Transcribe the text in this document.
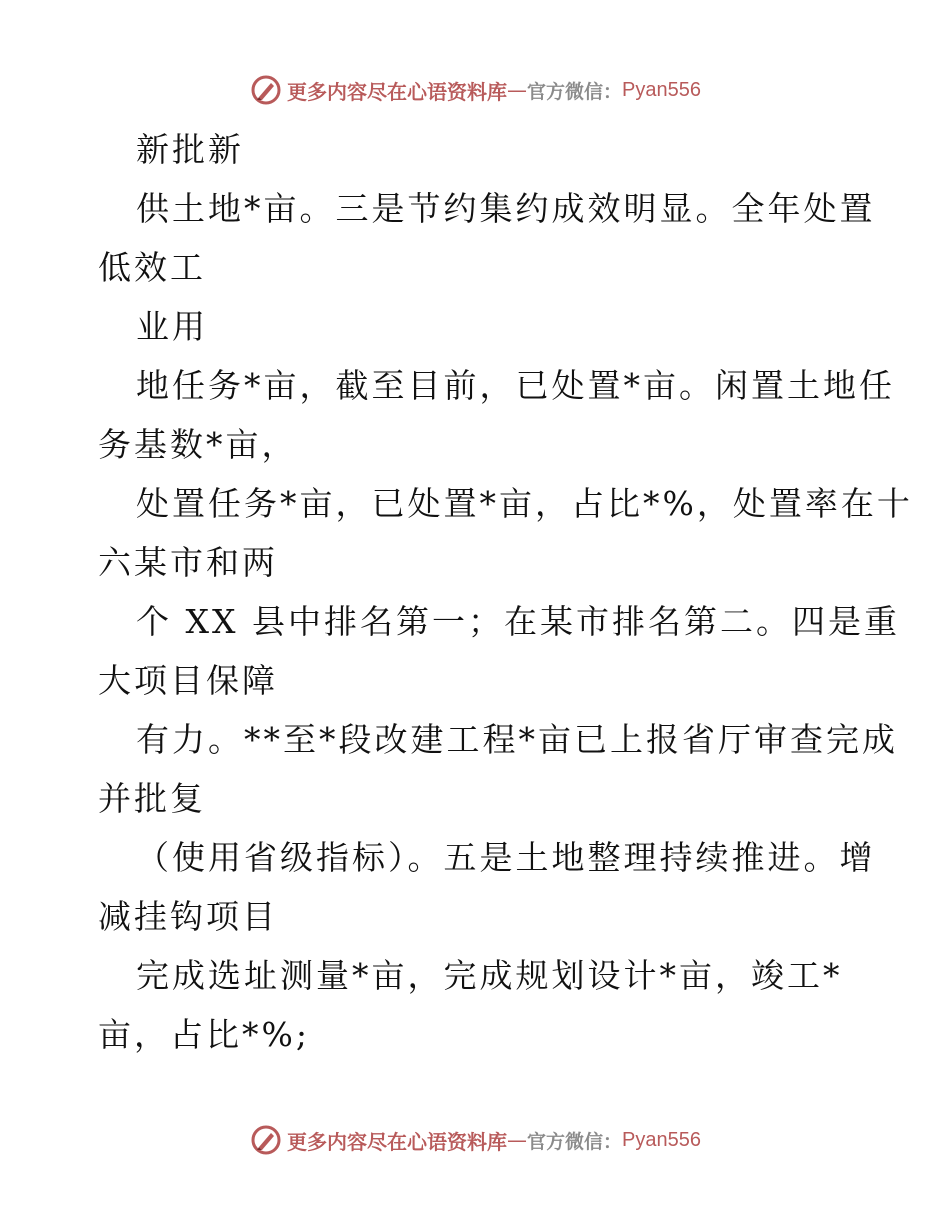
更多内容尽在心语资料库 — 官方微信： Pyan556
新批新
供土地*亩。三是节约集约成效明显。全年处置
低效工
业用
地任务*亩，截至目前，已处置*亩。闲置土地任
务基数*亩，
处置任务*亩，已处置*亩，占比*%，处置率在十
六某市和两
个 XX 县中排名第一；在某市排名第二。四是重
大项目保障
有力。**至*段改建工程*亩已上报省厅审查完成
并批复
（使用省级指标）。五是土地整理持续推进。增
减挂钩项目
完成选址测量*亩，完成规划设计*亩，竣工*
亩，占比*%;
更多内容尽在心语资料库 — 官方微信： Pyan556
